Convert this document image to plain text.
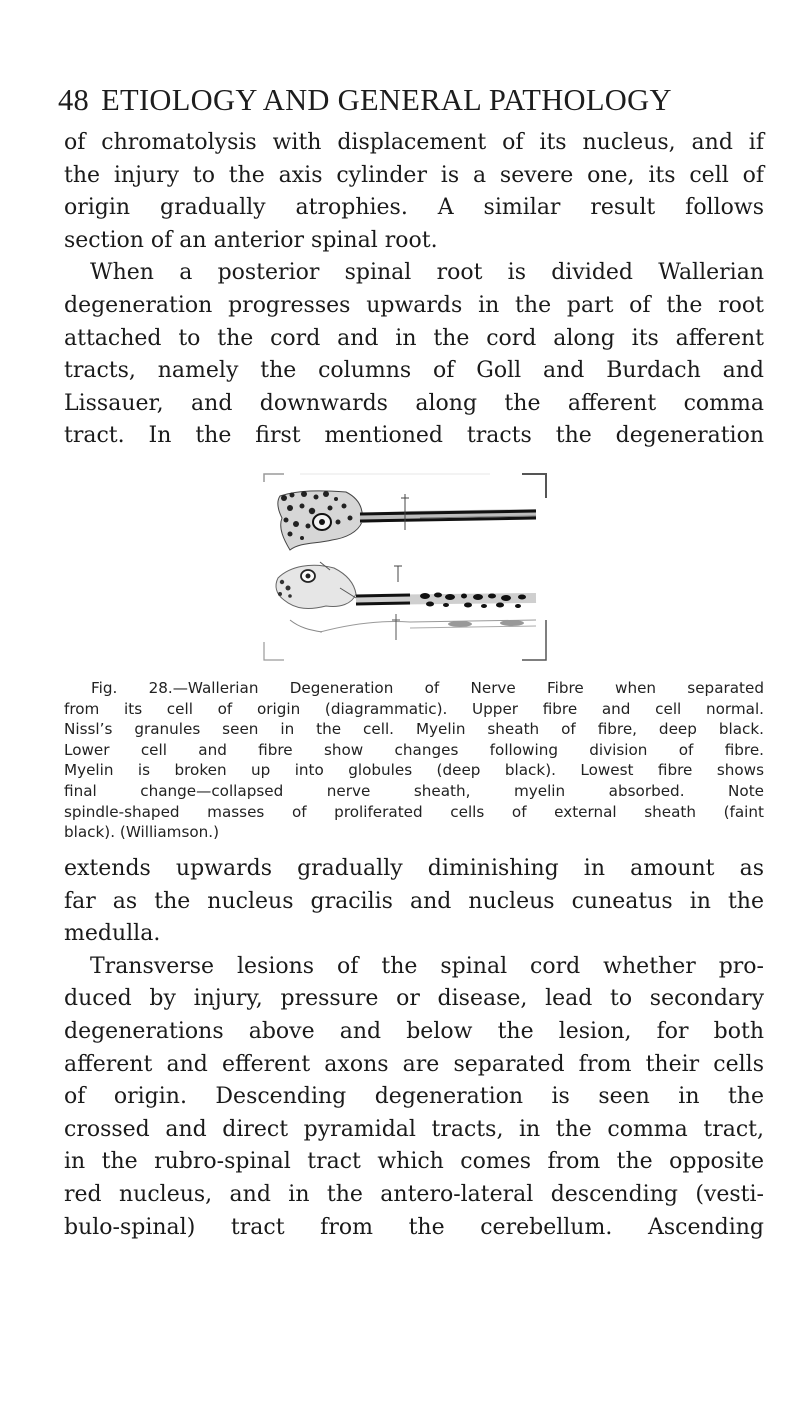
48 ETIOLOGY AND GENERAL PATHOLOGY
of chromatolysis with displacement of its nucleus, and if
the injury to the axis cylinder is a severe one, its cell of
origin gradually atrophies. A similar result follows
section of an anterior spinal root.
When a posterior spinal root is divided Wallerian
degeneration progresses upwards in the part of the root
attached to the cord and in the cord along its afferent
tracts, namely the columns of Goll and Burdach and
Lissauer, and downwards along the afferent comma
tract. In the first mentioned tracts the degeneration
Fig. 28.—Wallerian Degeneration of Nerve Fibre when separated
from its cell of origin (diagrammatic). Upper fibre and cell normal.
Nissl’s granules seen in the cell. Myelin sheath of fibre, deep black.
Lower cell and fibre show changes following division of fibre.
Myelin is broken up into globules (deep black). Lowest fibre shows
final change—collapsed nerve sheath, myelin absorbed. Note
spindle-shaped masses of proliferated cells of external sheath (faint
black). (Williamson.)
extends upwards gradually diminishing in amount as
far as the nucleus gracilis and nucleus cuneatus in the
medulla.
Transverse lesions of the spinal cord whether pro-
duced by injury, pressure or disease, lead to secondary
degenerations above and below the lesion, for both
afferent and efferent axons are separated from their cells
of origin. Descending degeneration is seen in the
crossed and direct pyramidal tracts, in the comma tract,
in the rubro-spinal tract which comes from the opposite
red nucleus, and in the antero-lateral descending (vesti-
bulo-spinal) tract from the cerebellum. Ascending
